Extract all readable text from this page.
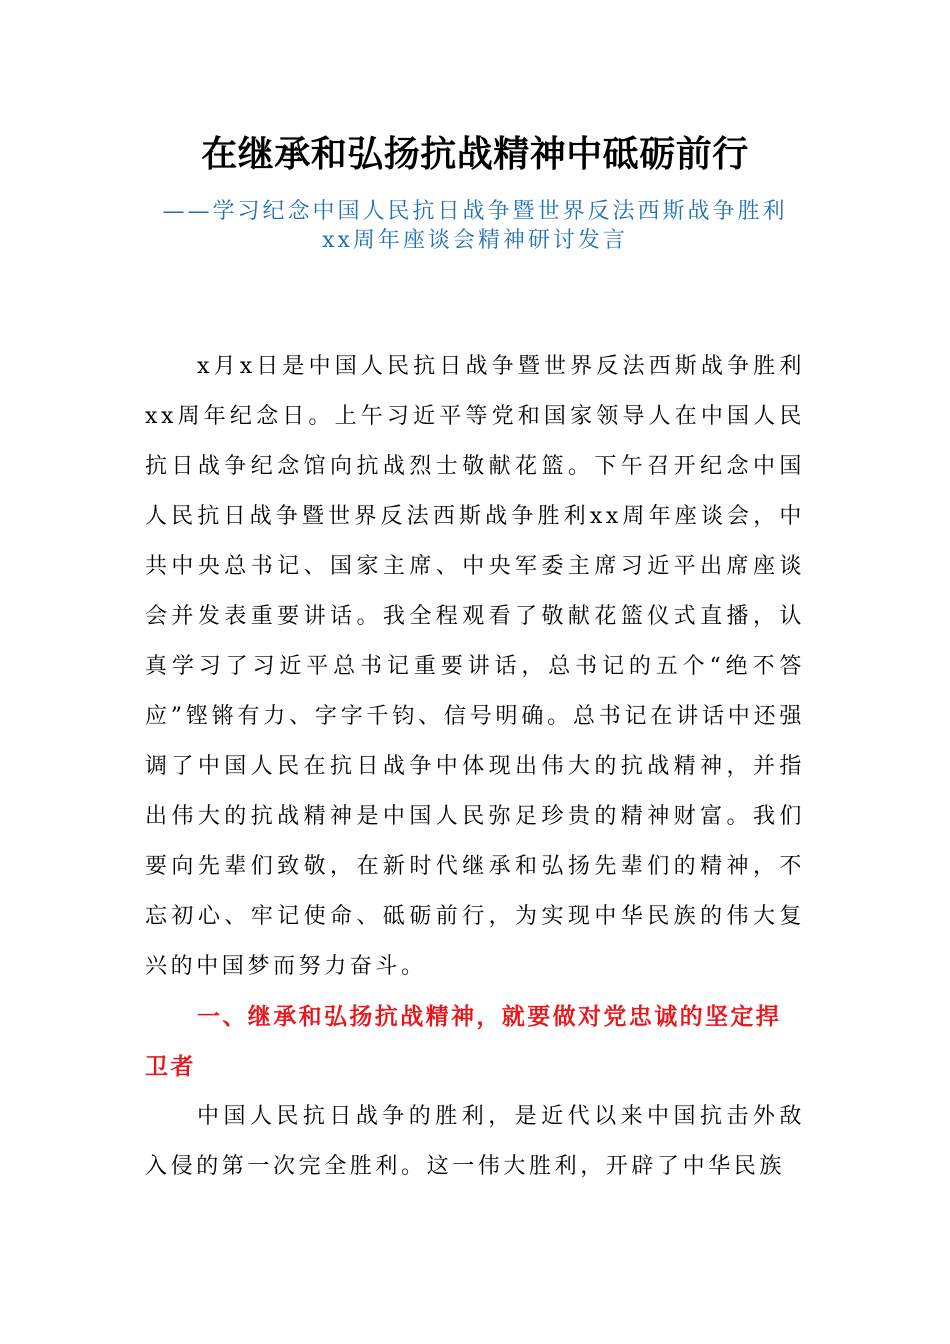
在继承和弘扬抗战精神中砥砺前行
——学习纪念中国人民抗日战争暨世界反法西斯战争胜利
xx周年座谈会精神研讨发言

x月x日是中国人民抗日战争暨世界反法西斯战争胜利xx周年纪念日。上午习近平等党和国家领导人在中国人民抗日战争纪念馆向抗战烈士敬献花篮。下午召开纪念中国人民抗日战争暨世界反法西斯战争胜利xx周年座谈会，中共中央总书记、国家主席、中央军委主席习近平出席座谈会并发表重要讲话。我全程观看了敬献花篮仪式直播，认真学习了习近平总书记重要讲话，总书记的五个“绝不答应”铿锵有力、字字千钧、信号明确。总书记在讲话中还强调了中国人民在抗日战争中体现出伟大的抗战精神，并指出伟大的抗战精神是中国人民弥足珍贵的精神财富。我们要向先辈们致敬，在新时代继承和弘扬先辈们的精神，不忘初心、牢记使命、砥砺前行，为实现中华民族的伟大复兴的中国梦而努力奋斗。

一、继承和弘扬抗战精神，就要做对党忠诚的坚定捍卫者

中国人民抗日战争的胜利，是近代以来中国抗击外敌入侵的第一次完全胜利。这一伟大胜利，开辟了中华民族
